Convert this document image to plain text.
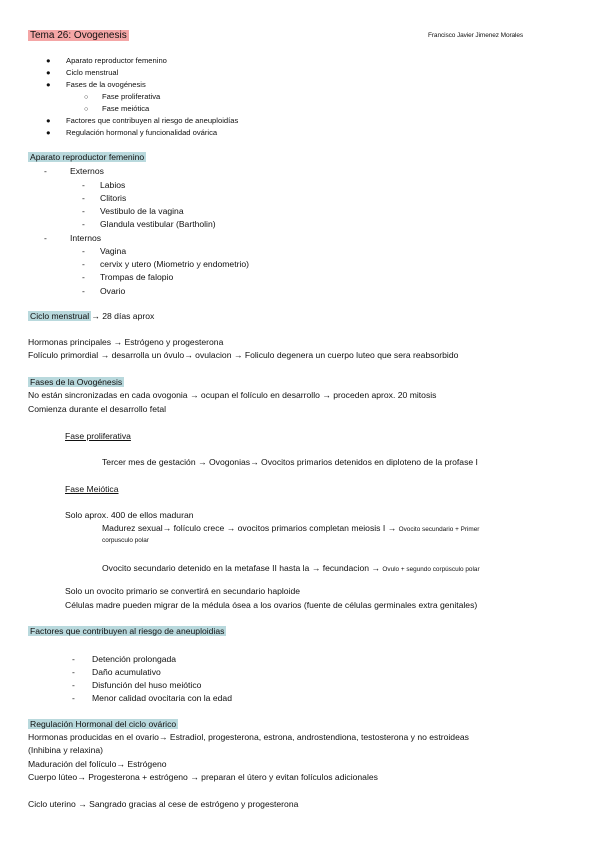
Tema 26: Ovogenesis	Francisco Javier Jimenez Morales
● Aparato reproductor femenino
● Ciclo menstrual
● Fases de la ovogénesis
○ Fase proliferativa
○ Fase meiótica
● Factores que contribuyen al riesgo de aneuploidías
● Regulación hormonal y funcionalidad ovárica
Aparato reproductor femenino
-	Externos
- Labios
- Clitoris
- Vestibulo de la vagina
- Glandula vestibular (Bartholin)
-	Internos
- Vagina
- cervix y utero (Miometrio y endometrio)
- Trompas de falopio
- Ovario
Ciclo menstrual → 28 días aprox
Hormonas principales → Estrógeno y progesterona
Folículo primordial → desarrolla un óvulo→ ovulacion → Foliculo degenera un cuerpo luteo que sera reabsorbido
Fases de la Ovogénesis
No están sincronizadas en cada ovogonia → ocupan el folículo en desarrollo → proceden aprox. 20 mitosis
Comienza durante el desarrollo fetal
Fase proliferativa
Tercer mes de gestación → Ovogonias→ Ovocitos primarios detenidos en diploteno de la profase I
Fase Meiótica
Solo aprox. 400 de ellos maduran
Madurez sexual→ folículo crece → ovocitos primarios completan meiosis I → Ovocito secundario + Primer
corpusculo polar
Ovocito secundario detenido en la metafase II hasta la → fecundacion → Ovulo + segundo corpúsculo polar
Solo un ovocito primario se convertirá en secundario haploide
Células madre pueden migrar de la médula ósea a los ovarios (fuente de células germinales extra genitales)
Factores que contribuyen al riesgo de aneuploidias
- Detención prolongada
- Daño acumulativo
- Disfunción del huso meiótico
- Menor calidad ovocitaria con la edad
Regulación Hormonal del ciclo ovárico
Hormonas producidas en el ovario→ Estradiol, progesterona, estrona, androstendiona, testosterona y no estroideas
(Inhibina y relaxina)
Maduración del folículo→ Estrógeno
Cuerpo lúteo→ Progesterona + estrógeno → preparan el útero y evitan folículos adicionales
Ciclo uterino → Sangrado gracias al cese de estrógeno y progesterona
